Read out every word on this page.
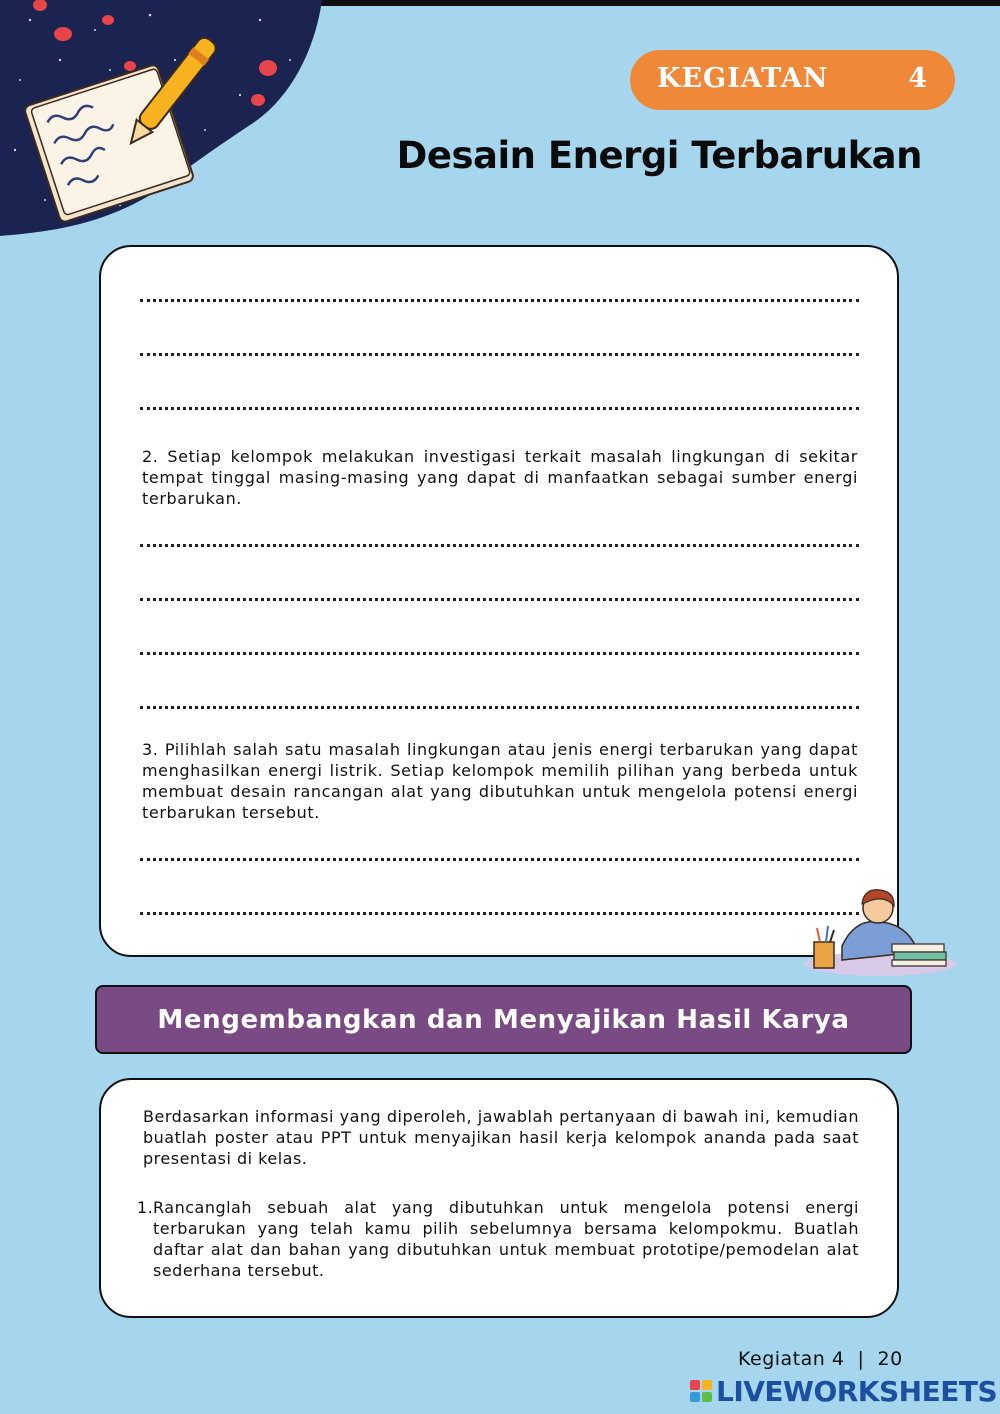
KEGIATAN	4
Desain Energi Terbarukan
2. Setiap kelompok melakukan investigasi terkait masalah lingkungan di sekitar tempat tinggal masing-masing yang dapat di manfaatkan sebagai sumber energi terbarukan.
3. Pilihlah salah satu masalah lingkungan atau jenis energi terbarukan yang dapat menghasilkan energi listrik. Setiap kelompok memilih pilihan yang berbeda untuk membuat desain rancangan alat yang dibutuhkan untuk mengelola potensi energi terbarukan tersebut.
Mengembangkan dan Menyajikan Hasil Karya
Berdasarkan informasi yang diperoleh, jawablah pertanyaan di bawah ini, kemudian buatlah poster atau PPT untuk menyajikan hasil kerja kelompok ananda pada saat presentasi di kelas.
1. Rancanglah sebuah alat yang dibutuhkan untuk mengelola potensi energi terbarukan yang telah kamu pilih sebelumnya bersama kelompokmu. Buatlah daftar alat dan bahan yang dibutuhkan untuk membuat prototipe/pemodelan alat sederhana tersebut.
Kegiatan 4  |  20
LIVEWORKSHEETS
